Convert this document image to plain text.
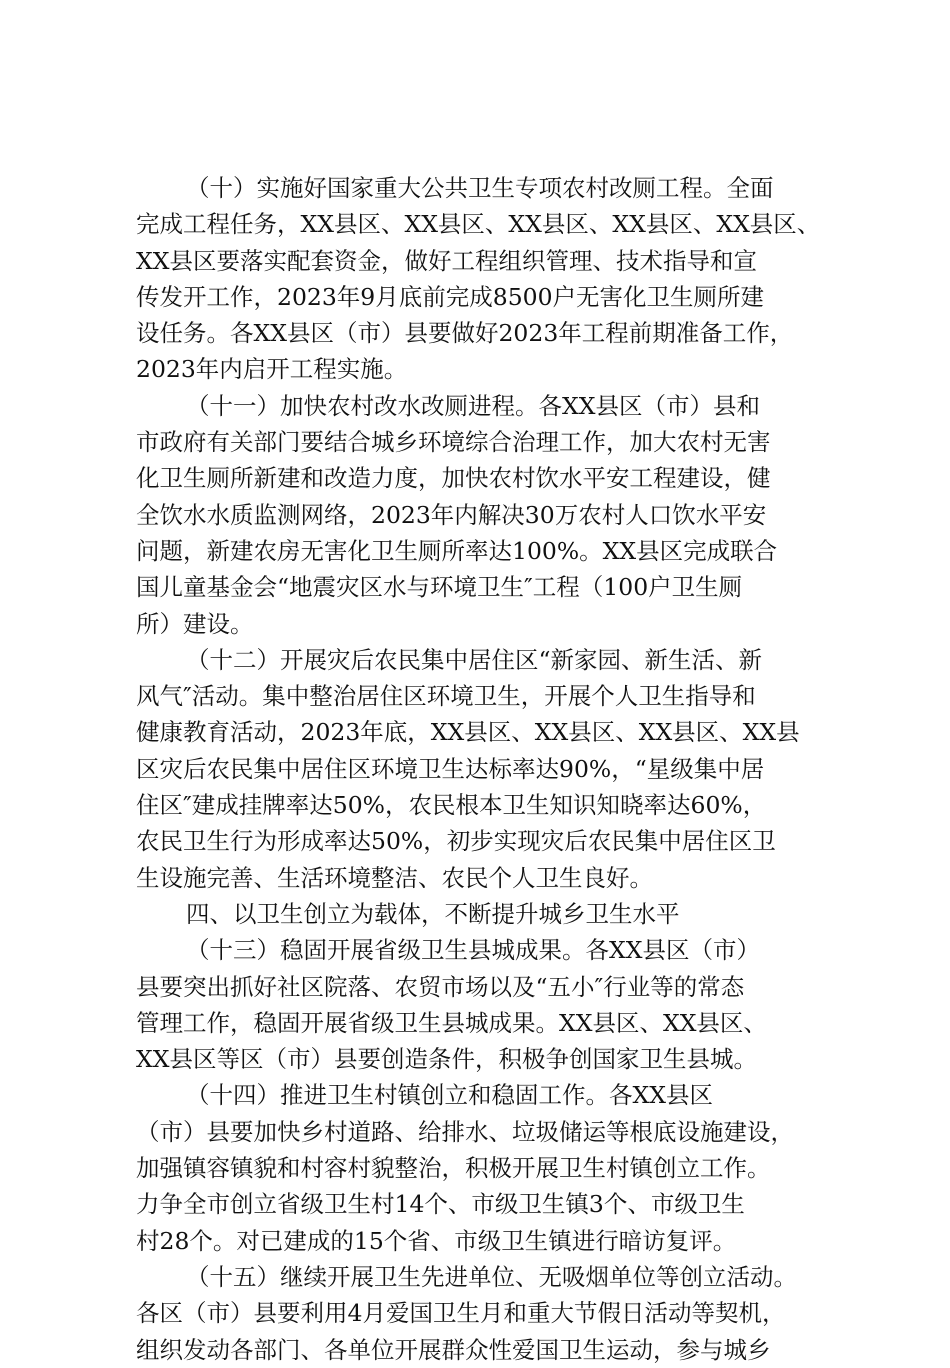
（十）实施好国家重大公共卫生专项农村改厕工程。全面
完成工程任务，XX县区、XX县区、XX县区、XX县区、XX县区、
XX县区要落实配套资金，做好工程组织管理、技术指导和宣
传发开工作，2023年9月底前完成8500户无害化卫生厕所建
设任务。各XX县区（市）县要做好2023年工程前期准备工作，
2023年内启开工程实施。
（十一）加快农村改水改厕进程。各XX县区（市）县和
市政府有关部门要结合城乡环境综合治理工作，加大农村无害
化卫生厕所新建和改造力度，加快农村饮水平安工程建设，健
全饮水水质监测网络，2023年内解决30万农村人口饮水平安
问题，新建农房无害化卫生厕所率达100%。XX县区完成联合
国儿童基金会“地震灾区水与环境卫生″工程（100户卫生厕
所）建设。
（十二）开展灾后农民集中居住区“新家园、新生活、新
风气″活动。集中整治居住区环境卫生，开展个人卫生指导和
健康教育活动，2023年底，XX县区、XX县区、XX县区、XX县
区灾后农民集中居住区环境卫生达标率达90%，“星级集中居
住区″建成挂牌率达50%，农民根本卫生知识知晓率达60%，
农民卫生行为形成率达50%，初步实现灾后农民集中居住区卫
生设施完善、生活环境整洁、农民个人卫生良好。
四、以卫生创立为载体，不断提升城乡卫生水平
（十三）稳固开展省级卫生县城成果。各XX县区（市）
县要突出抓好社区院落、农贸市场以及“五小″行业等的常态
管理工作，稳固开展省级卫生县城成果。XX县区、XX县区、
XX县区等区（市）县要创造条件，积极争创国家卫生县城。
（十四）推进卫生村镇创立和稳固工作。各XX县区
（市）县要加快乡村道路、给排水、垃圾储运等根底设施建设，
加强镇容镇貌和村容村貌整治，积极开展卫生村镇创立工作。
力争全市创立省级卫生村14个、市级卫生镇3个、市级卫生
村28个。对已建成的15个省、市级卫生镇进行暗访复评。
（十五）继续开展卫生先进单位、无吸烟单位等创立活动。
各区（市）县要利用4月爱国卫生月和重大节假日活动等契机，
组织发动各部门、各单位开展群众性爱国卫生运动，参与城乡
